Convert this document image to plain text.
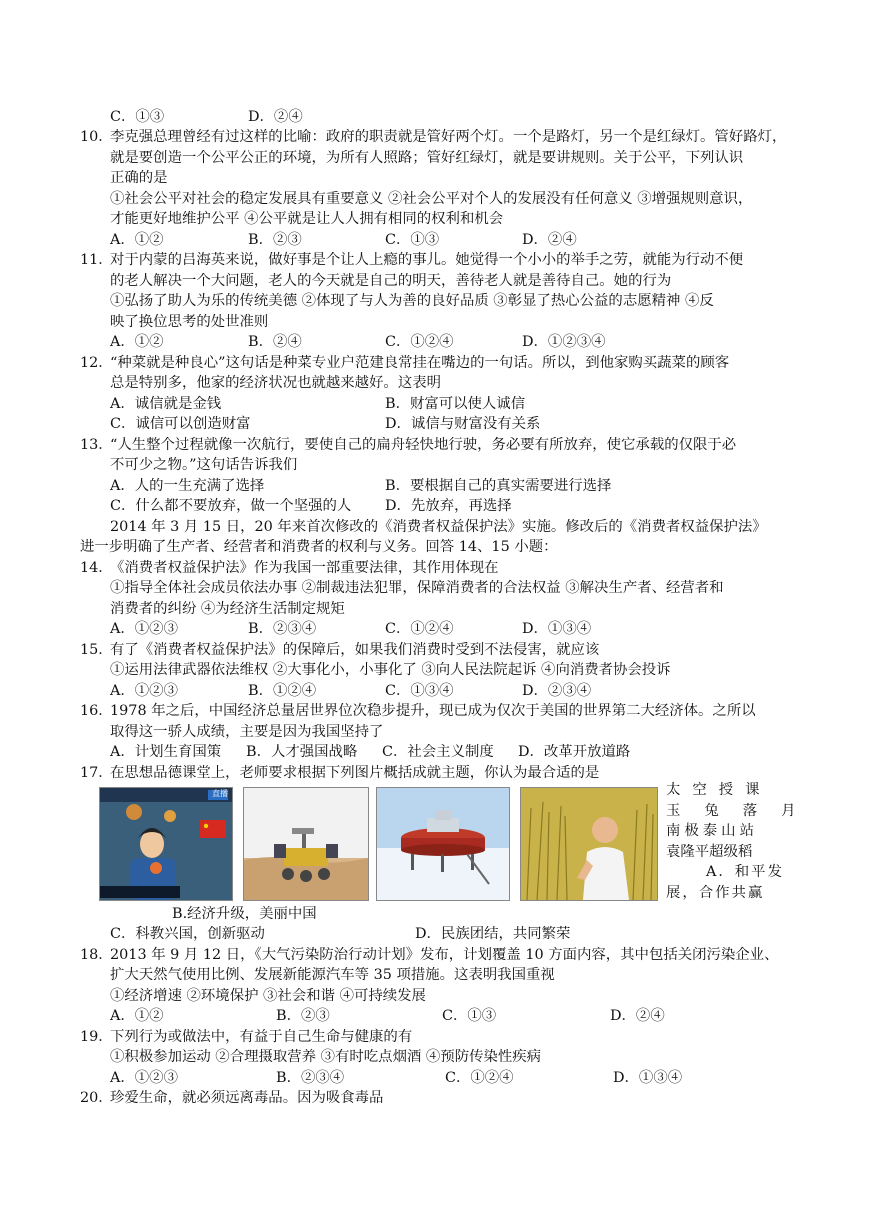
C．①③	D．②④
10．
李克强总理曾经有过这样的比喻：政府的职责就是管好两个灯。一个是路灯，另一个是红绿灯。管好路灯，
就是要创造一个公平公正的环境，为所有人照路；管好红绿灯，就是要讲规则。关于公平，下列认识
正确的是
①社会公平对社会的稳定发展具有重要意义 ②社会公平对个人的发展没有任何意义 ③增强规则意识，
才能更好地维护公平 ④公平就是让人人拥有相同的权利和机会
A．①②	B．②③	C．①③	D．②④
11．
对于内蒙的吕海英来说，做好事是个让人上瘾的事儿。她觉得一个小小的举手之劳，就能为行动不便
的老人解决一个大问题，老人的今天就是自己的明天，善待老人就是善待自己。她的行为
①弘扬了助人为乐的传统美德 ②体现了与人为善的良好品质 ③彰显了热心公益的志愿精神 ④反
映了换位思考的处世准则
A．①②	B．②④	C．①②④	D．①②③④
12．
“种菜就是种良心”这句话是种菜专业户范建良常挂在嘴边的一句话。所以，到他家购买蔬菜的顾客
总是特别多，他家的经济状况也就越来越好。这表明
A．诚信就是金钱	B．财富可以使人诚信
C．诚信可以创造财富	D．诚信与财富没有关系
13．
“人生整个过程就像一次航行，要使自己的扁舟轻快地行驶，务必要有所放弃，使它承载的仅限于必
不可少之物。”这句话告诉我们
A．人的一生充满了选择	B．要根据自己的真实需要进行选择
C．什么都不要放弃，做一个坚强的人 D．先放弃，再选择
2014 年 3 月 15 日，20 年来首次修改的《消费者权益保护法》实施。修改后的《消费者权益保护法》
进一步明确了生产者、经营者和消费者的权利与义务。回答 14、15 小题：
14．
《消费者权益保护法》作为我国一部重要法律，其作用体现在
①指导全体社会成员依法办事 ②制裁违法犯罪，保障消费者的合法权益 ③解决生产者、经营者和
消费者的纠纷 ④为经济生活制定规矩
A．①②③	B．②③④	C．①②④	D．①③④
15．
有了《消费者权益保护法》的保障后，如果我们消费时受到不法侵害，就应该
①运用法律武器依法维权 ②大事化小，小事化了 ③向人民法院起诉 ④向消费者协会投诉
A．①②③	B．①②④	C．①③④	D．②③④
16．
1978 年之后，中国经济总量居世界位次稳步提升，现已成为仅次于美国的世界第二大经济体。之所以
取得这一骄人成绩，主要是因为我国坚持了
A．计划生育国策 B．人才强国战略 C．社会主义制度 D．改革开放道路
17．
在思想品德课堂上，老师要求根据下列图片概括成就主题，你认为最合适的是
直播	太空授课
玉兔落月
南极泰山站
袁隆平超级稻
A．和平发展，合作共赢
B.经济升级，美丽中国
C．科教兴国，创新驱动	D．民族团结，共同繁荣
18．
2013 年 9 月 12 日，《大气污染防治行动计划》发布，计划覆盖 10 方面内容，其中包括关闭污染企业、
扩大天然气使用比例、发展新能源汽车等 35 项措施。这表明我国重视
①经济增速 ②环境保护 ③社会和谐 ④可持续发展
A．①②	B．②③	C．①③	D．②④
19．
下列行为或做法中，有益于自己生命与健康的有
①积极参加运动 ②合理摄取营养 ③有时吃点烟酒 ④预防传染性疾病
A．①②③	B．②③④	C．①②④	D．①③④
20．
珍爱生命，就必须远离毒品。因为吸食毒品
